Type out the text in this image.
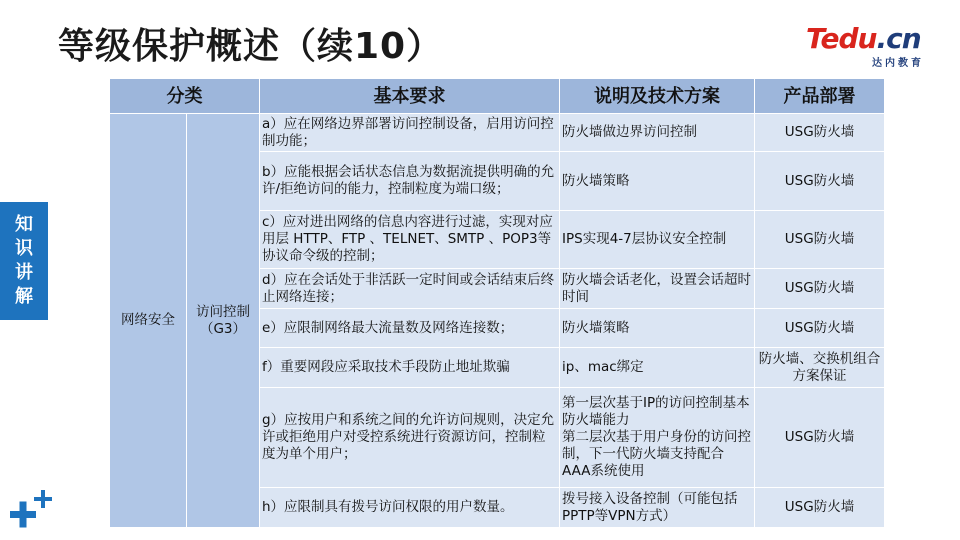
等级保护概述（续10）	Tedu.cn
达内教育
知
识
讲
解
分类		基本要求	说明及技术方案	产品部署
网络安全	访问控制（G3）	a）应在网络边界部署访问控制设备，启用访问控制功能；	防火墙做边界访问控制	USG防火墙
		b）应能根据会话状态信息为数据流提供明确的允许/拒绝访问的能力，控制粒度为端口级；	防火墙策略	USG防火墙
		c）应对进出网络的信息内容进行过滤，实现对应用层 HTTP、FTP 、TELNET、SMTP 、POP3等协议命令级的控制；	IPS实现4-7层协议安全控制	USG防火墙
		d）应在会话处于非活跃一定时间或会话结束后终止网络连接；	防火墙会话老化，设置会话超时时间	USG防火墙
		e）应限制网络最大流量数及网络连接数；	防火墙策略	USG防火墙
		f）重要网段应采取技术手段防止地址欺骗	ip、mac绑定	防火墙、交换机组合方案保证
		g）应按用户和系统之间的允许访问规则，决定允许或拒绝用户对受控系统进行资源访问，控制粒度为单个用户；	第一层次基于IP的访问控制基本防火墙能力
第二层次基于用户身份的访问控制，下一代防火墙支持配合AAA系统使用	USG防火墙
		h）应限制具有拨号访问权限的用户数量。	拨号接入设备控制（可能包括PPTP等VPN方式）	USG防火墙
